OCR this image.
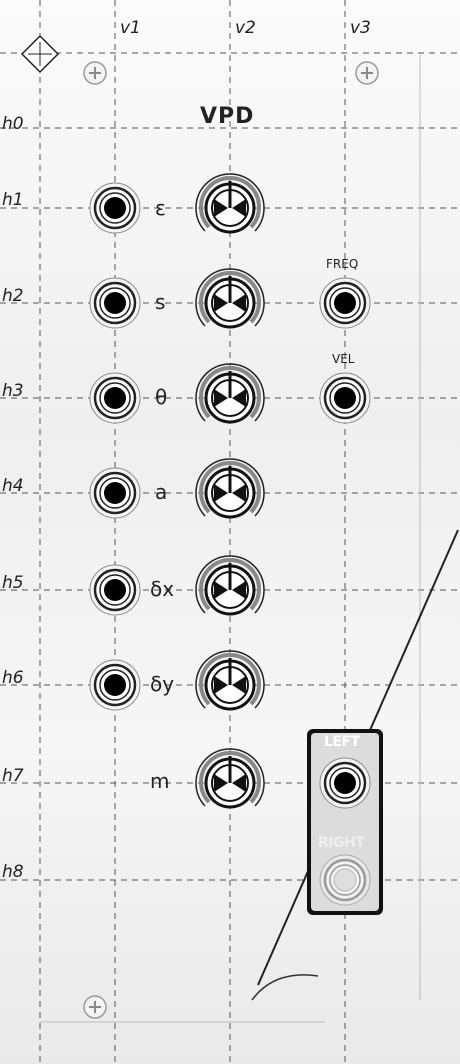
v1	v2	v3
h0
h1
h2
h3
h4
h5
h6
h7
h8
VPD
ε
s
θ
a
δx
δy
m
FREQ
VEL
LEFT
RIGHT
